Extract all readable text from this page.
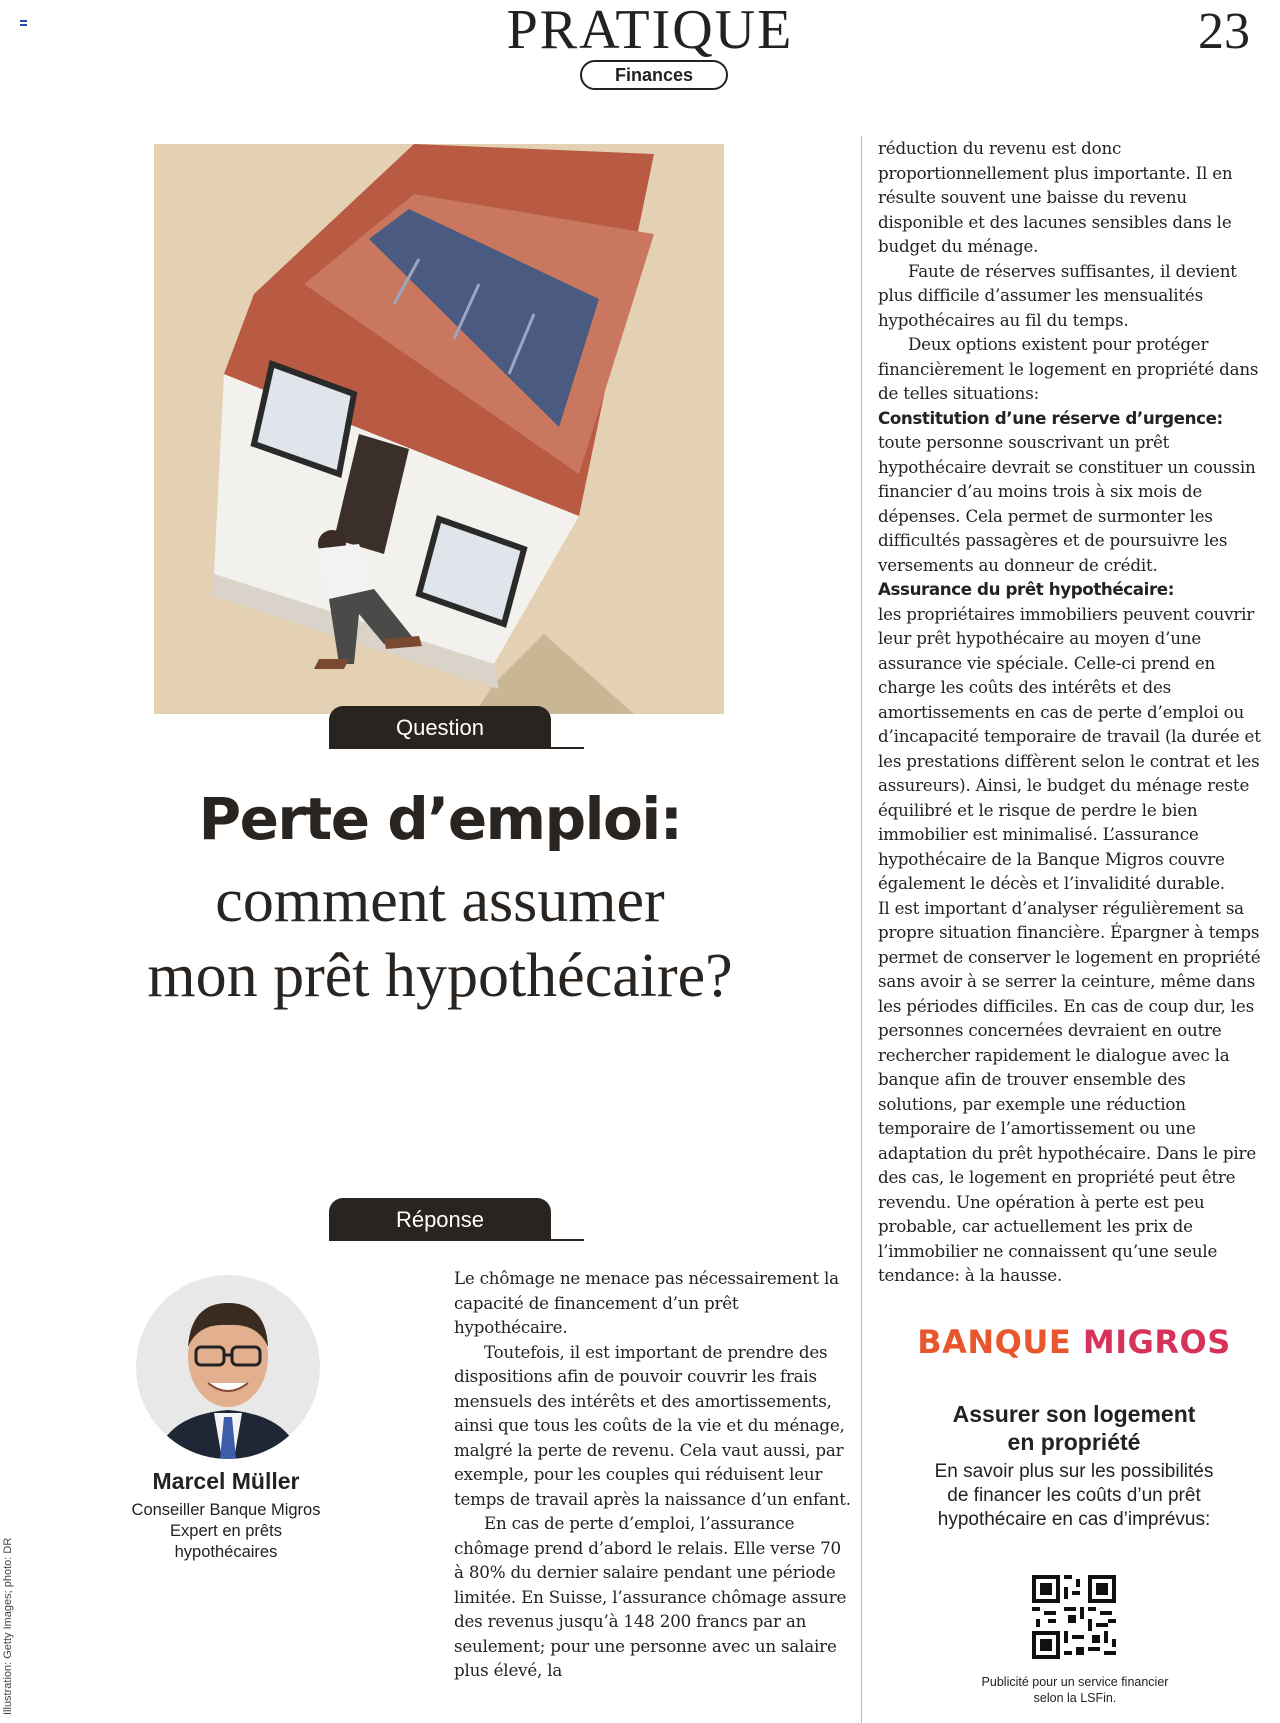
PRATIQUE
Finances
23
Question
Perte d’emploi:
comment assumer
mon prêt hypothécaire?
Réponse
Marcel Müller
Conseiller Banque Migros
Expert en prêts
hypothécaires
Illustration: Getty Images; photo: DR

Le chômage ne menace pas nécessairement la capacité de financement d’un prêt hypothécaire.

Toutefois, il est important de prendre des dispositions afin de pouvoir couvrir les frais mensuels des intérêts et des amortissements, ainsi que tous les coûts de la vie et du ménage, malgré la perte de revenu. Cela vaut aussi, par exemple, pour les couples qui réduisent leur temps de travail après la naissance d’un enfant.

En cas de perte d’emploi, l’assurance chômage prend d’abord le relais. Elle verse 70 à 80% du dernier salaire pendant une période limitée. En Suisse, l’assurance chômage assure des revenus jusqu’à 148 200 francs par an seulement; pour une personne avec un salaire plus élevé, la

réduction du revenu est donc proportionnellement plus importante. Il en résulte souvent une baisse du revenu disponible et des lacunes sensibles dans le budget du ménage.

Faute de réserves suffisantes, il devient plus difficile d’assumer les mensualités hypothécaires au fil du temps.

Deux options existent pour protéger financièrement le logement en propriété dans de telles situations:

Constitution d’une réserve d’urgence:

toute personne souscrivant un prêt hypothécaire devrait se constituer un coussin financier d’au moins trois à six mois de dépenses. Cela permet de surmonter les difficultés passagères et de poursuivre les versements au donneur de crédit.

Assurance du prêt hypothécaire:

les propriétaires immobiliers peuvent couvrir leur prêt hypothécaire au moyen d’une assurance vie spéciale. Celle-ci prend en charge les coûts des intérêts et des amortissements en cas de perte d’emploi ou d’incapacité temporaire de travail (la durée et les prestations diffèrent selon le contrat et les assureurs). Ainsi, le budget du ménage reste équilibré et le risque de perdre le bien immobilier est minimalisé. L’assurance hypothécaire de la Banque Migros couvre également le décès et l’invalidité durable.

Il est important d’analyser régulièrement sa propre situation financière. Épargner à temps permet de conserver le logement en propriété sans avoir à se serrer la ceinture, même dans les périodes difficiles. En cas de coup dur, les personnes concernées devraient en outre rechercher rapidement le dialogue avec la banque afin de trouver ensemble des solutions, par exemple une réduction temporaire de l’amortissement ou une adaptation du prêt hypothécaire. Dans le pire des cas, le logement en propriété peut être revendu. Une opération à perte est peu probable, car actuellement les prix de l’immobilier ne connaissent qu’une seule tendance: à la hausse.

BANQUE MIGROS
Assurer son logement
en propriété
En savoir plus sur les possibilités
de financer les coûts d’un prêt
hypothécaire en cas d’imprévus:
Publicité pour un service financier
selon la LSFin.
